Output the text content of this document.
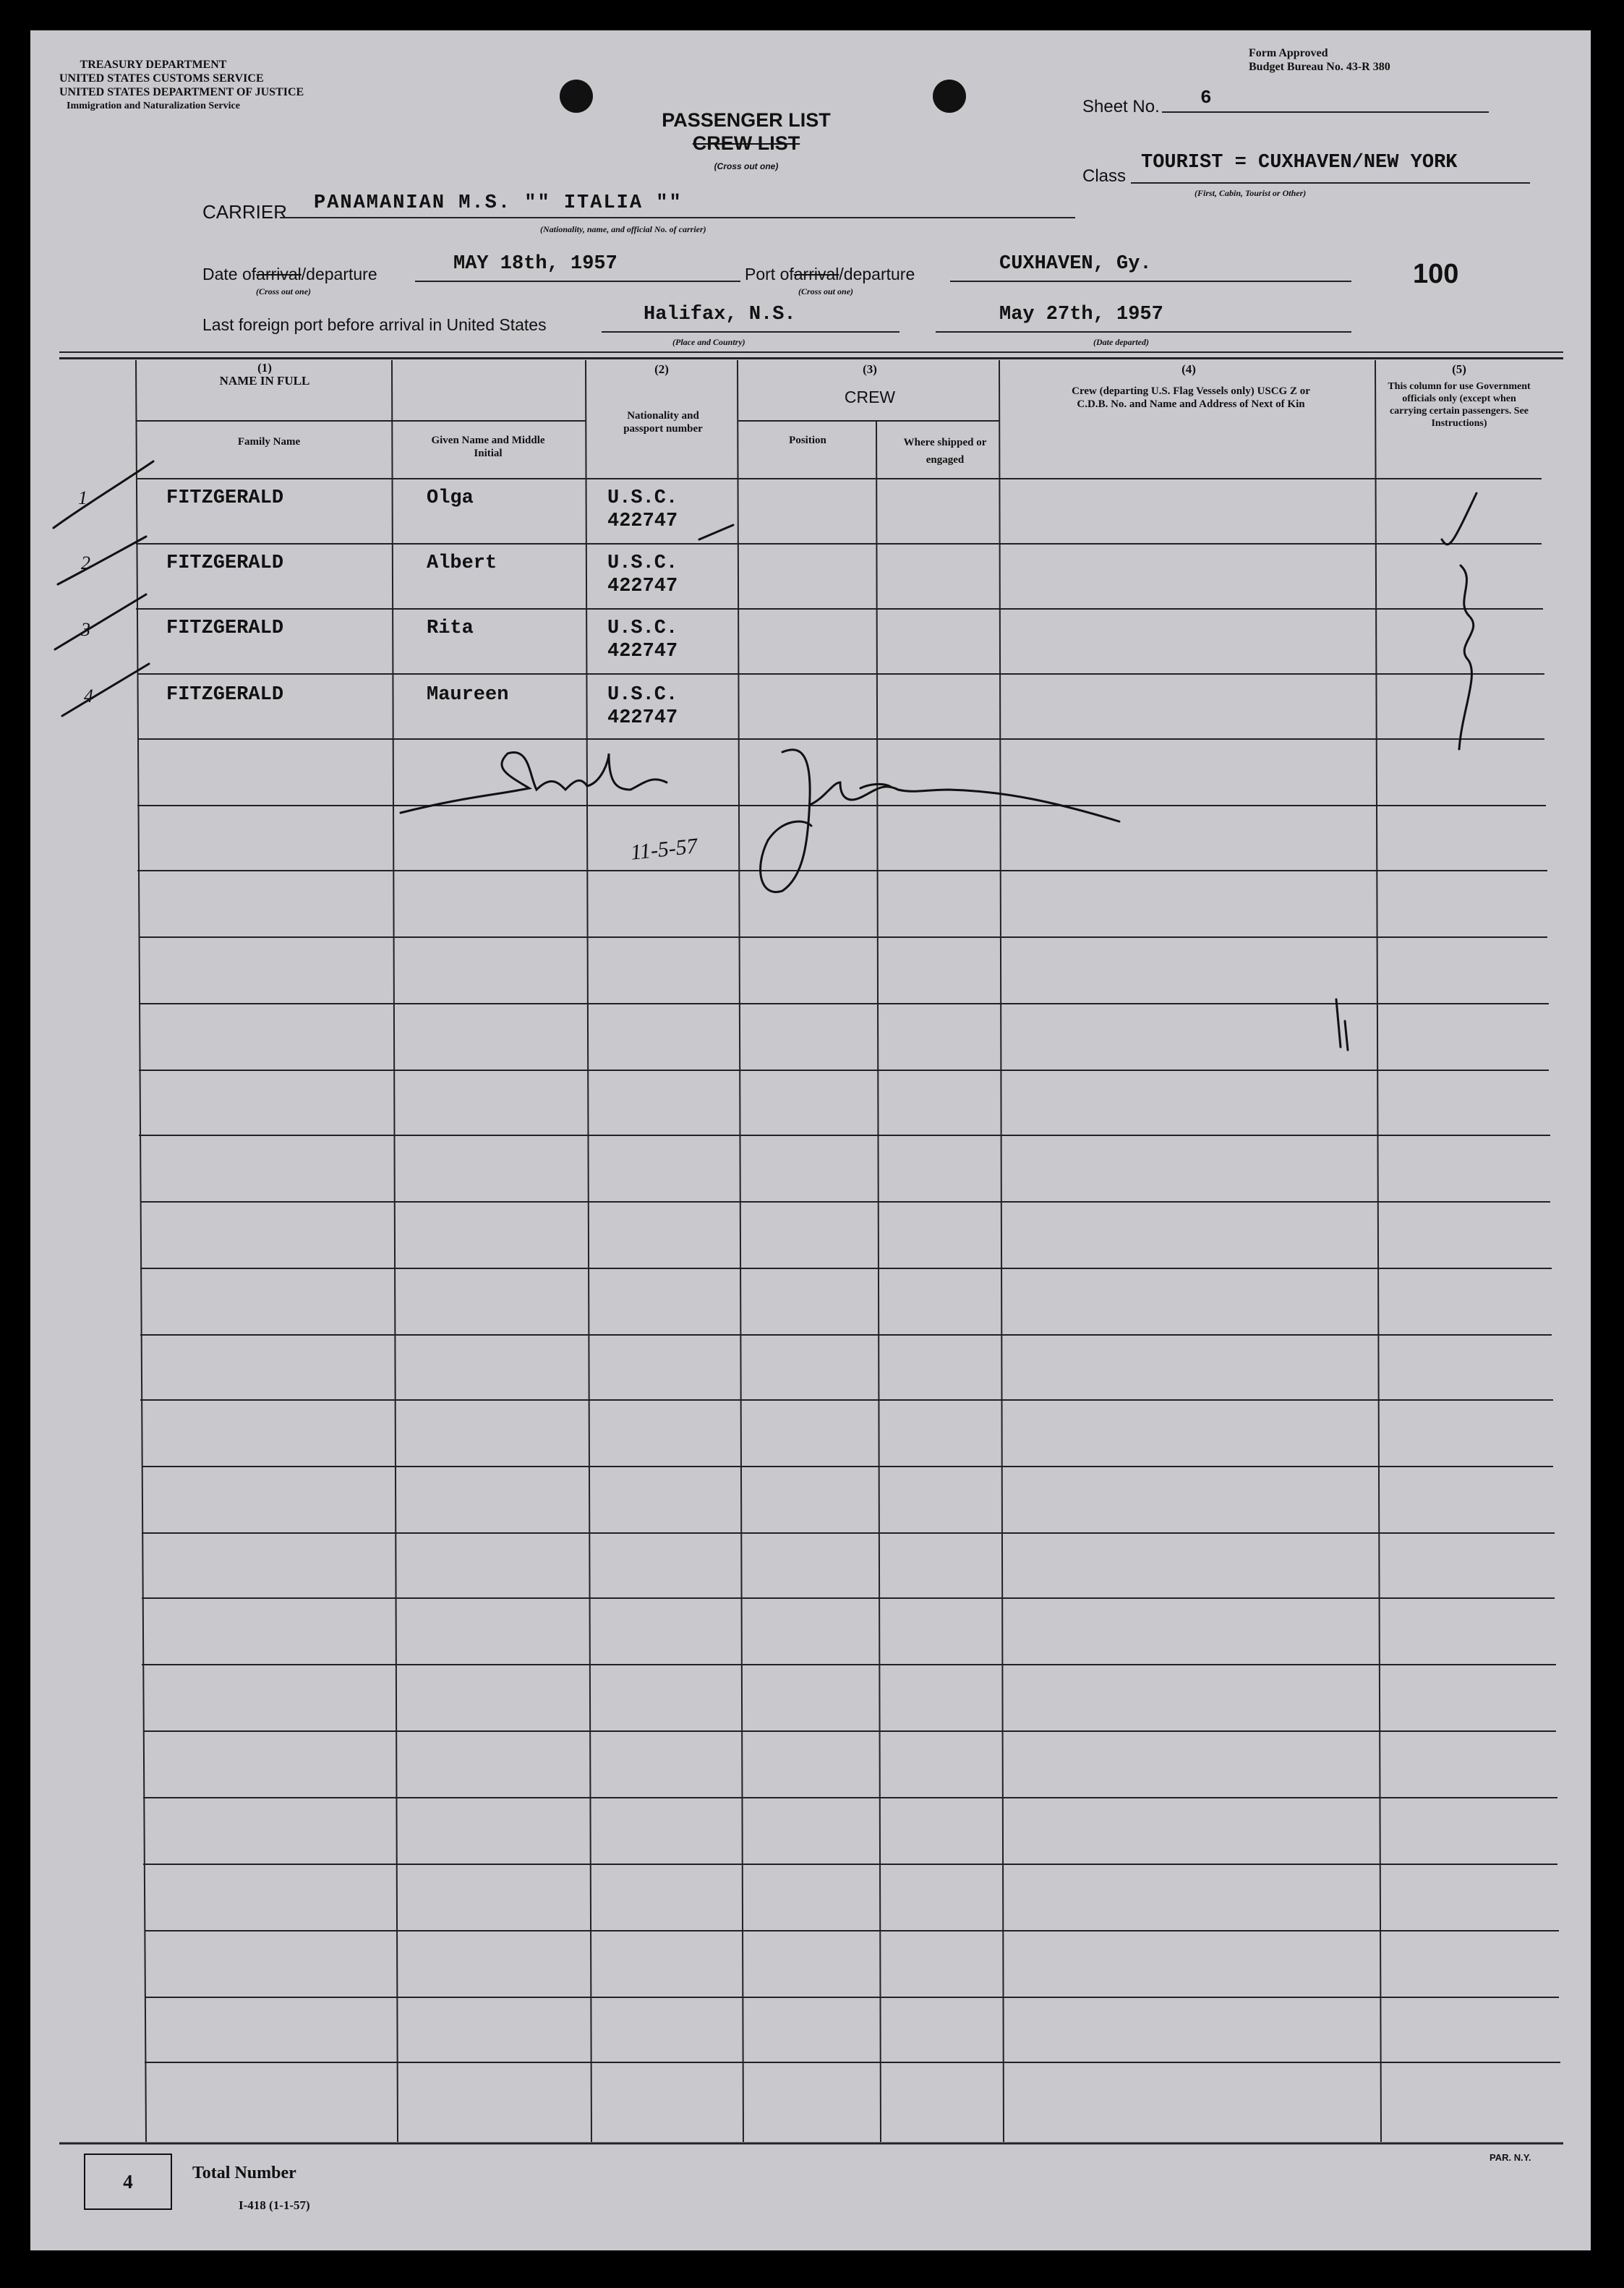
TREASURY DEPARTMENT
UNITED STATES CUSTOMS SERVICE
UNITED STATES DEPARTMENT OF JUSTICE
Immigration and Naturalization Service
Form Approved
Budget Bureau No. 43-R 380
PASSENGER LIST
CREW LIST
(Cross out one)
Sheet No. 6
Class
TOURIST = CUXHAVEN/NEW YORK
(First, Cabin, Tourist or Other)
CARRIER PANAMANIAN M.S. "" ITALIA ""
(Nationality, name, and official No. of carrier)
Date ofarrival/departure	MAY 18th, 1957
(Cross out one)
Port ofarrival/departure	CUXHAVEN, Gy.
(Cross out one)
100
Last foreign port before arrival in United States	Halifax, N.S.
(Place and Country)
May 27th, 1957
(Date departed)
11-5-57
(1)
NAME IN FULL
Family Name	Given Name and Middle Initial
(2)
Nationality and passport number
(3)
CREW
Position	Where shipped or engaged
(4)
Crew (departing U.S. Flag Vessels only) USCG Z or C.D.B. No. and Name and Address of Next of Kin
(5)
This column for use Government officials only (except when carrying certain passengers. See Instructions)
1	FITZGERALD	Olga	U.S.C.
422747
2	FITZGERALD	Albert	U.S.C.
422747
3	FITZGERALD	Rita	U.S.C.
422747
4	FITZGERALD	Maureen	U.S.C.
422747
4	Total Number
I-418 (1-1-57)
PAR. N.Y.
